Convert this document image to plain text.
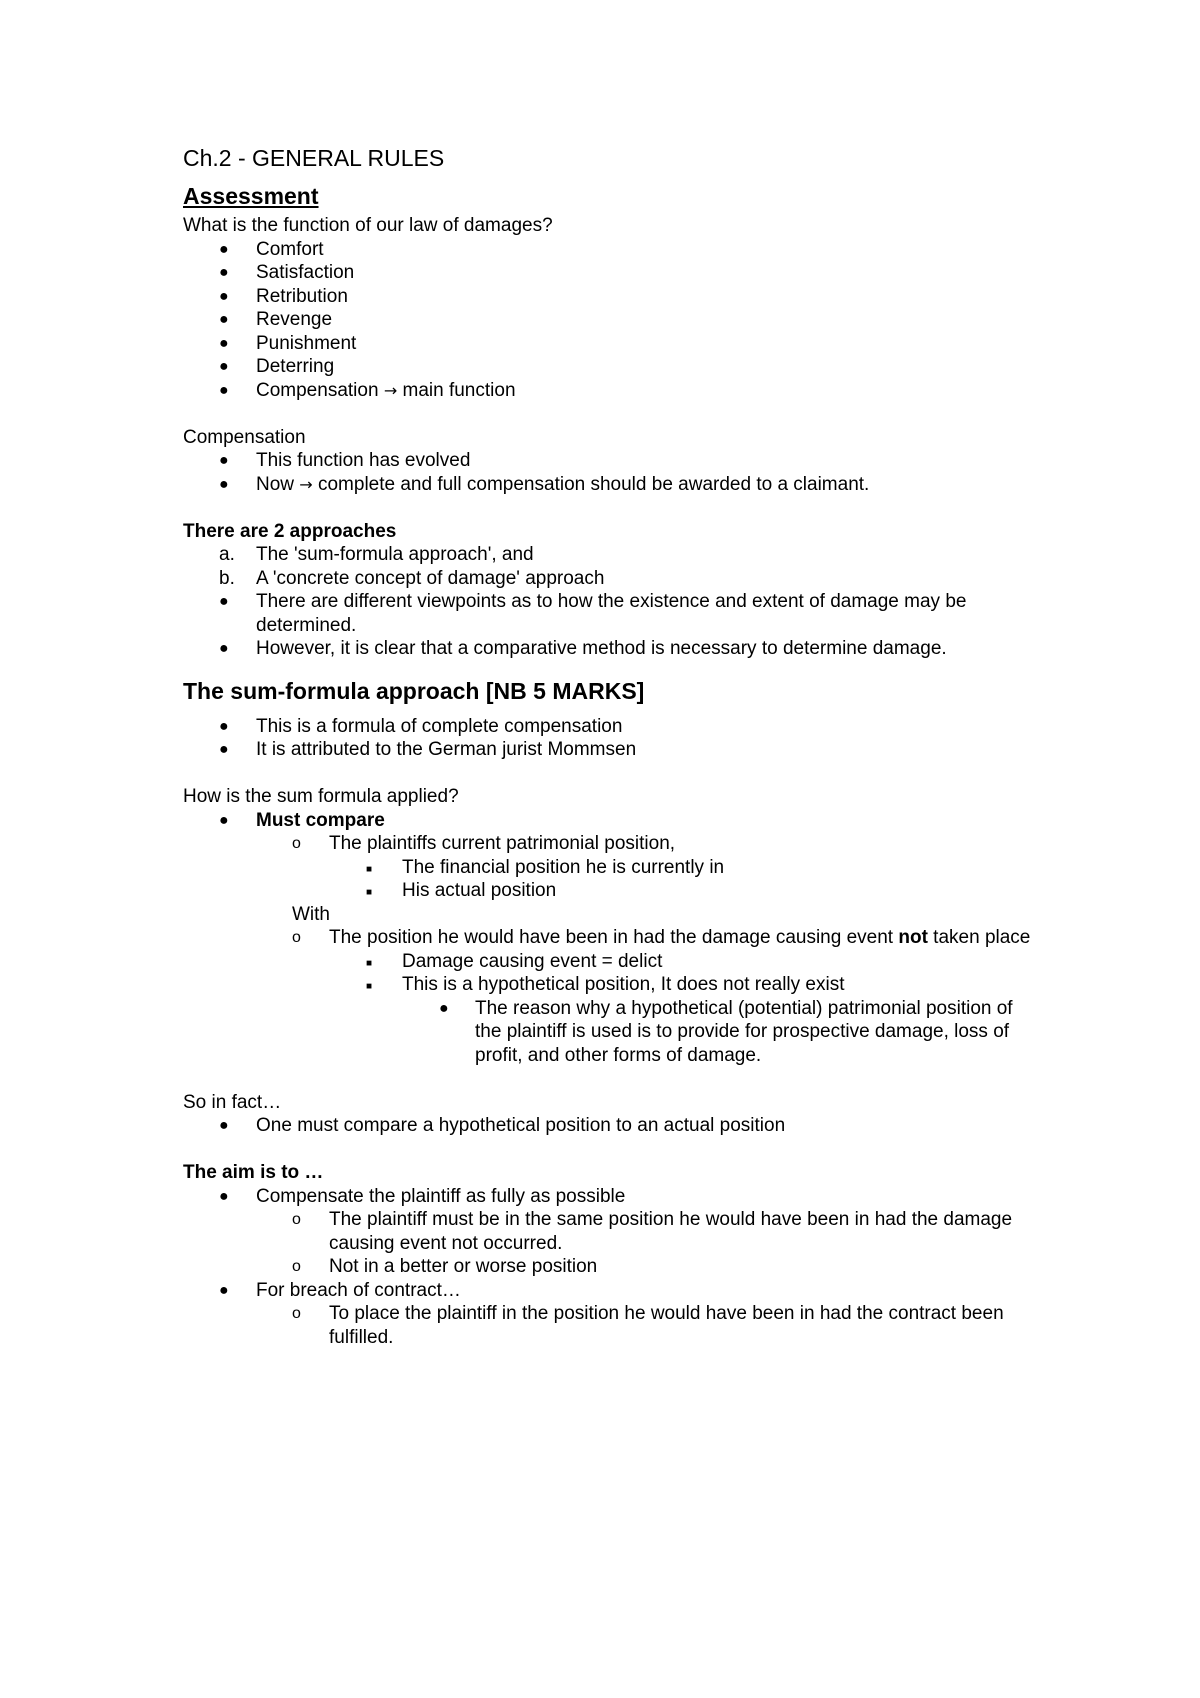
Ch.2 - GENERAL RULES
Assessment
What is the function of our law of damages?
● Comfort
● Satisfaction
● Retribution
● Revenge
● Punishment
● Deterring
● Compensation → main function
Compensation
● This function has evolved
● Now → complete and full compensation should be awarded to a claimant.
There are 2 approaches
a. The 'sum-formula approach', and
b. A 'concrete concept of damage' approach
● There are different viewpoints as to how the existence and extent of damage may be determined.
● However, it is clear that a comparative method is necessary to determine damage.
The sum-formula approach [NB 5 MARKS]
● This is a formula of complete compensation
● It is attributed to the German jurist Mommsen
How is the sum formula applied?
● Must compare
o The plaintiffs current patrimonial position,
■ The financial position he is currently in
■ His actual position
With
o The position he would have been in had the damage causing event not taken place
■ Damage causing event = delict
■ This is a hypothetical position, It does not really exist
● The reason why a hypothetical (potential) patrimonial position of the plaintiff is used is to provide for prospective damage, loss of profit, and other forms of damage.
So in fact…
● One must compare a hypothetical position to an actual position
The aim is to …
● Compensate the plaintiff as fully as possible
o The plaintiff must be in the same position he would have been in had the damage causing event not occurred.
o Not in a better or worse position
● For breach of contract…
o To place the plaintiff in the position he would have been in had the contract been fulfilled.
